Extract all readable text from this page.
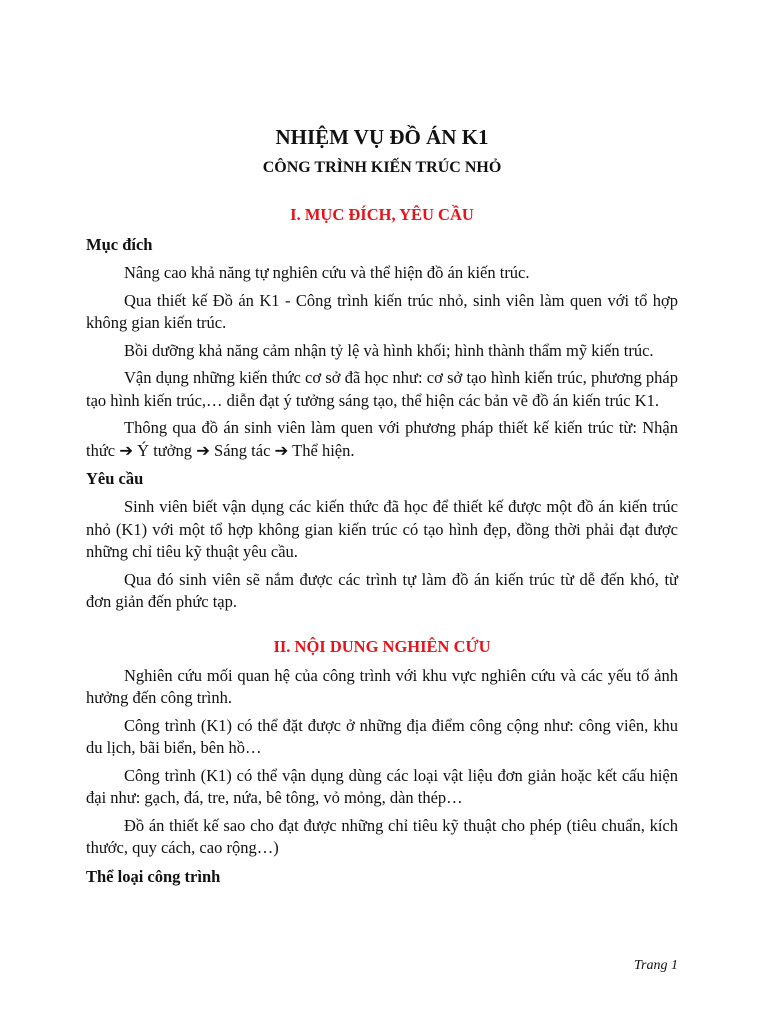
NHIỆM VỤ ĐỒ ÁN K1
CÔNG TRÌNH KIẾN TRÚC NHỎ
I. MỤC ĐÍCH, YÊU CẦU
Mục đích

Nâng cao khả năng tự nghiên cứu và thể hiện đồ án kiến trúc.

Qua thiết kế Đồ án K1 - Công trình kiến trúc nhỏ, sinh viên làm quen với tổ hợp không gian kiến trúc.

Bồi dưỡng khả năng cảm nhận tỷ lệ và hình khối; hình thành thẩm mỹ kiến trúc.

Vận dụng những kiến thức cơ sở đã học như: cơ sở tạo hình kiến trúc, phương pháp tạo hình kiến trúc,… diễn đạt ý tưởng sáng tạo, thể hiện các bản vẽ đồ án kiến trúc K1.

Thông qua đồ án sinh viên làm quen với phương pháp thiết kế kiến trúc từ: Nhận thức ➔ Ý tưởng ➔ Sáng tác ➔ Thể hiện.

Yêu cầu

Sinh viên biết vận dụng các kiến thức đã học để thiết kế được một đồ án kiến trúc nhỏ (K1) với một tổ hợp không gian kiến trúc có tạo hình đẹp, đồng thời phải đạt được những chỉ tiêu kỹ thuật yêu cầu.

Qua đó sinh viên sẽ nắm được các trình tự làm đồ án kiến trúc từ dễ đến khó, từ đơn giản đến phức tạp.

II. NỘI DUNG NGHIÊN CỨU

Nghiên cứu mối quan hệ của công trình với khu vực nghiên cứu và các yếu tố ảnh hưởng đến công trình.

Công trình (K1) có thể đặt được ở những địa điểm công cộng như: công viên, khu du lịch, bãi biển, bên hồ…

Công trình (K1) có thể vận dụng dùng các loại vật liệu đơn giản hoặc kết cấu hiện đại như: gạch, đá, tre, nứa, bê tông, vỏ mỏng, dàn thép…

Đồ án thiết kế sao cho đạt được những chỉ tiêu kỹ thuật cho phép (tiêu chuẩn, kích thước, quy cách, cao rộng…)

Thể loại công trình
Trang 1
